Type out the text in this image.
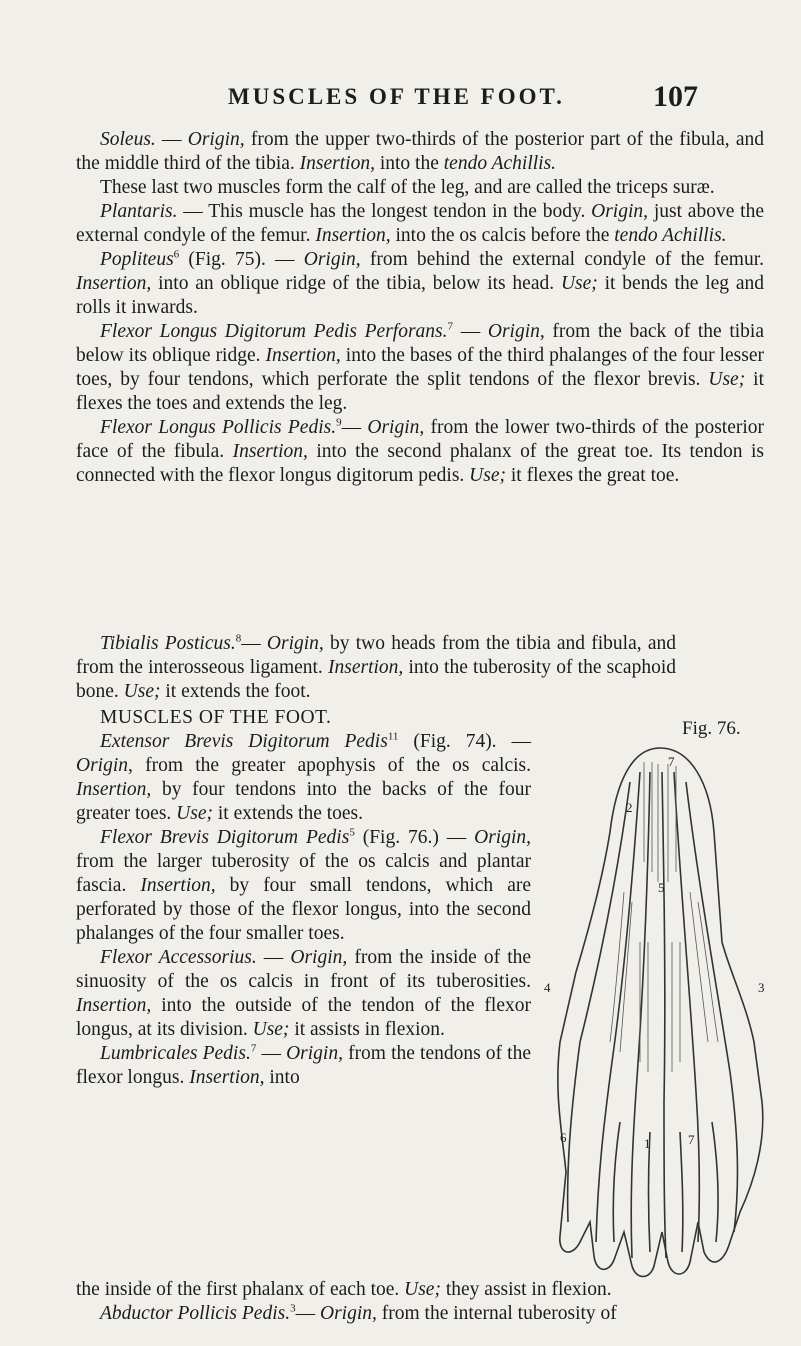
MUSCLES OF THE FOOT.	107

Soleus. — Origin, from the upper two-thirds of the posterior part of the fibula, and the middle third of the tibia. Insertion, into the tendo Achillis.

These last two muscles form the calf of the leg, and are called the triceps suræ.

Plantaris. — This muscle has the longest tendon in the body. Origin, just above the external condyle of the femur. Insertion, into the os calcis before the tendo Achillis.

Popliteus$^6$ (Fig. 75). — Origin, from behind the external condyle of the femur. Insertion, into an oblique ridge of the tibia, below its head. Use; it bends the leg and rolls it inwards.

Flexor Longus Digitorum Pedis Perforans.$^7$ — Origin, from the back of the tibia below its oblique ridge. Insertion, into the bases of the third phalanges of the four lesser toes, by four tendons, which perforate the split tendons of the flexor brevis. Use; it flexes the toes and extends the leg.

Flexor Longus Pollicis Pedis.$^9$— Origin, from the lower two-thirds of the posterior face of the fibula. Insertion, into the second phalanx of the great toe. Its tendon is connected with the flexor longus digitorum pedis. Use; it flexes the great toe.

Tibialis Posticus.$^8$— Origin, by two heads from the tibia and fibula, and from the interosseous ligament. Insertion, into the tuberosity of the scaphoid bone. Use; it extends the foot.

Fig. 76.
7
2
5
3
4
6	7
1

MUSCLES OF THE FOOT.

Extensor Brevis Digitorum Pedis$^{11}$ (Fig. 74). — Origin, from the greater apophysis of the os calcis. Insertion, by four tendons into the backs of the four greater toes. Use; it extends the toes.

Flexor Brevis Digitorum Pedis$^5$ (Fig. 76.) — Origin, from the larger tuberosity of the os calcis and plantar fascia. Insertion, by four small tendons, which are perforated by those of the flexor longus, into the second phalanges of the four smaller toes.

Flexor Accessorius. — Origin, from the inside of the sinuosity of the os calcis in front of its tuberosities. Insertion, into the outside of the tendon of the flexor longus, at its division. Use; it assists in flexion.

Lumbricales Pedis.$^7$ — Origin, from the tendons of the flexor longus. Insertion, into

the inside of the first phalanx of each toe. Use; they assist in flexion.

Abductor Pollicis Pedis.$^3$— Origin, from the internal tuberosity of
